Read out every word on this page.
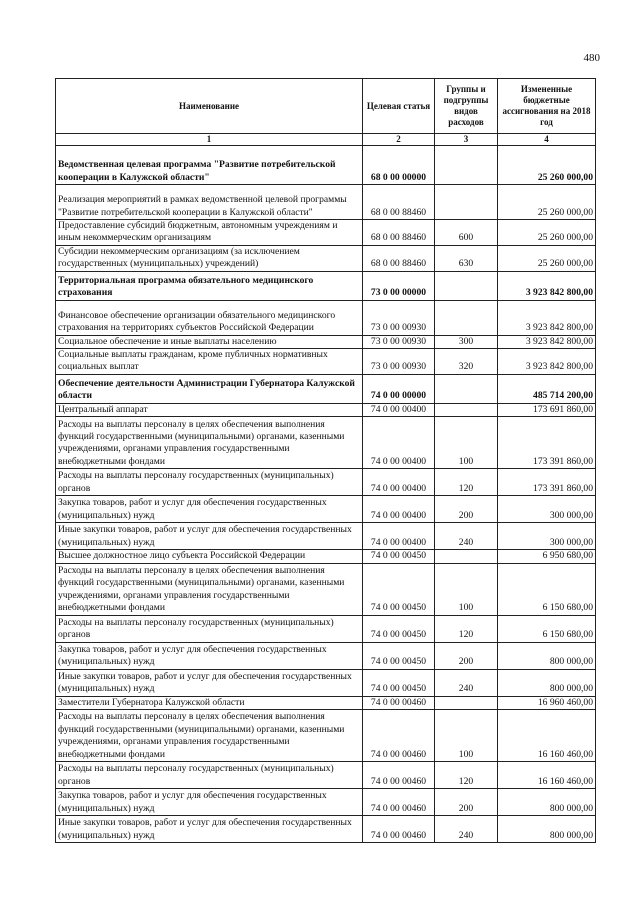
480
Наименование	Целевая статья	Группы и подгруппы видов расходов	Измененные бюджетные ассигнования на 2018 год
1	2	3	4
Ведомственная целевая программа "Развитие потребительской кооперации в Калужской области"	68 0 00 00000		25 260 000,00
Реализация мероприятий в рамках ведомственной целевой программы "Развитие потребительской кооперации в Калужской области"	68 0 00 88460		25 260 000,00
Предоставление субсидий бюджетным, автономным учреждениям и иным некоммерческим организациям	68 0 00 88460	600	25 260 000,00
Субсидии некоммерческим организациям (за исключением государственных (муниципальных) учреждений)	68 0 00 88460	630	25 260 000,00
Территориальная программа обязательного медицинского страхования	73 0 00 00000		3 923 842 800,00
Финансовое обеспечение организации обязательного медицинского страхования на территориях субъектов Российской Федерации	73 0 00 00930		3 923 842 800,00
Социальное обеспечение и иные выплаты населению	73 0 00 00930	300	3 923 842 800,00
Социальные выплаты гражданам, кроме публичных нормативных социальных выплат	73 0 00 00930	320	3 923 842 800,00
Обеспечение деятельности Администрации Губернатора Калужской области	74 0 00 00000		485 714 200,00
Центральный аппарат	74 0 00 00400		173 691 860,00
Расходы на выплаты персоналу в целях обеспечения выполнения функций государственными (муниципальными) органами, казенными учреждениями, органами управления государственными внебюджетными фондами	74 0 00 00400	100	173 391 860,00
Расходы на выплаты персоналу государственных (муниципальных) органов	74 0 00 00400	120	173 391 860,00
Закупка товаров, работ и услуг для обеспечения государственных (муниципальных) нужд	74 0 00 00400	200	300 000,00
Иные закупки товаров, работ и услуг для обеспечения государственных (муниципальных) нужд	74 0 00 00400	240	300 000,00
Высшее должностное лицо субъекта Российской Федерации	74 0 00 00450		6 950 680,00
Расходы на выплаты персоналу в целях обеспечения выполнения функций государственными (муниципальными) органами, казенными учреждениями, органами управления государственными внебюджетными фондами	74 0 00 00450	100	6 150 680,00
Расходы на выплаты персоналу государственных (муниципальных) органов	74 0 00 00450	120	6 150 680,00
Закупка товаров, работ и услуг для обеспечения государственных (муниципальных) нужд	74 0 00 00450	200	800 000,00
Иные закупки товаров, работ и услуг для обеспечения государственных (муниципальных) нужд	74 0 00 00450	240	800 000,00
Заместители Губернатора Калужской области	74 0 00 00460		16 960 460,00
Расходы на выплаты персоналу в целях обеспечения выполнения функций государственными (муниципальными) органами, казенными учреждениями, органами управления государственными внебюджетными фондами	74 0 00 00460	100	16 160 460,00
Расходы на выплаты персоналу государственных (муниципальных) органов	74 0 00 00460	120	16 160 460,00
Закупка товаров, работ и услуг для обеспечения государственных (муниципальных) нужд	74 0 00 00460	200	800 000,00
Иные закупки товаров, работ и услуг для обеспечения государственных (муниципальных) нужд	74 0 00 00460	240	800 000,00
